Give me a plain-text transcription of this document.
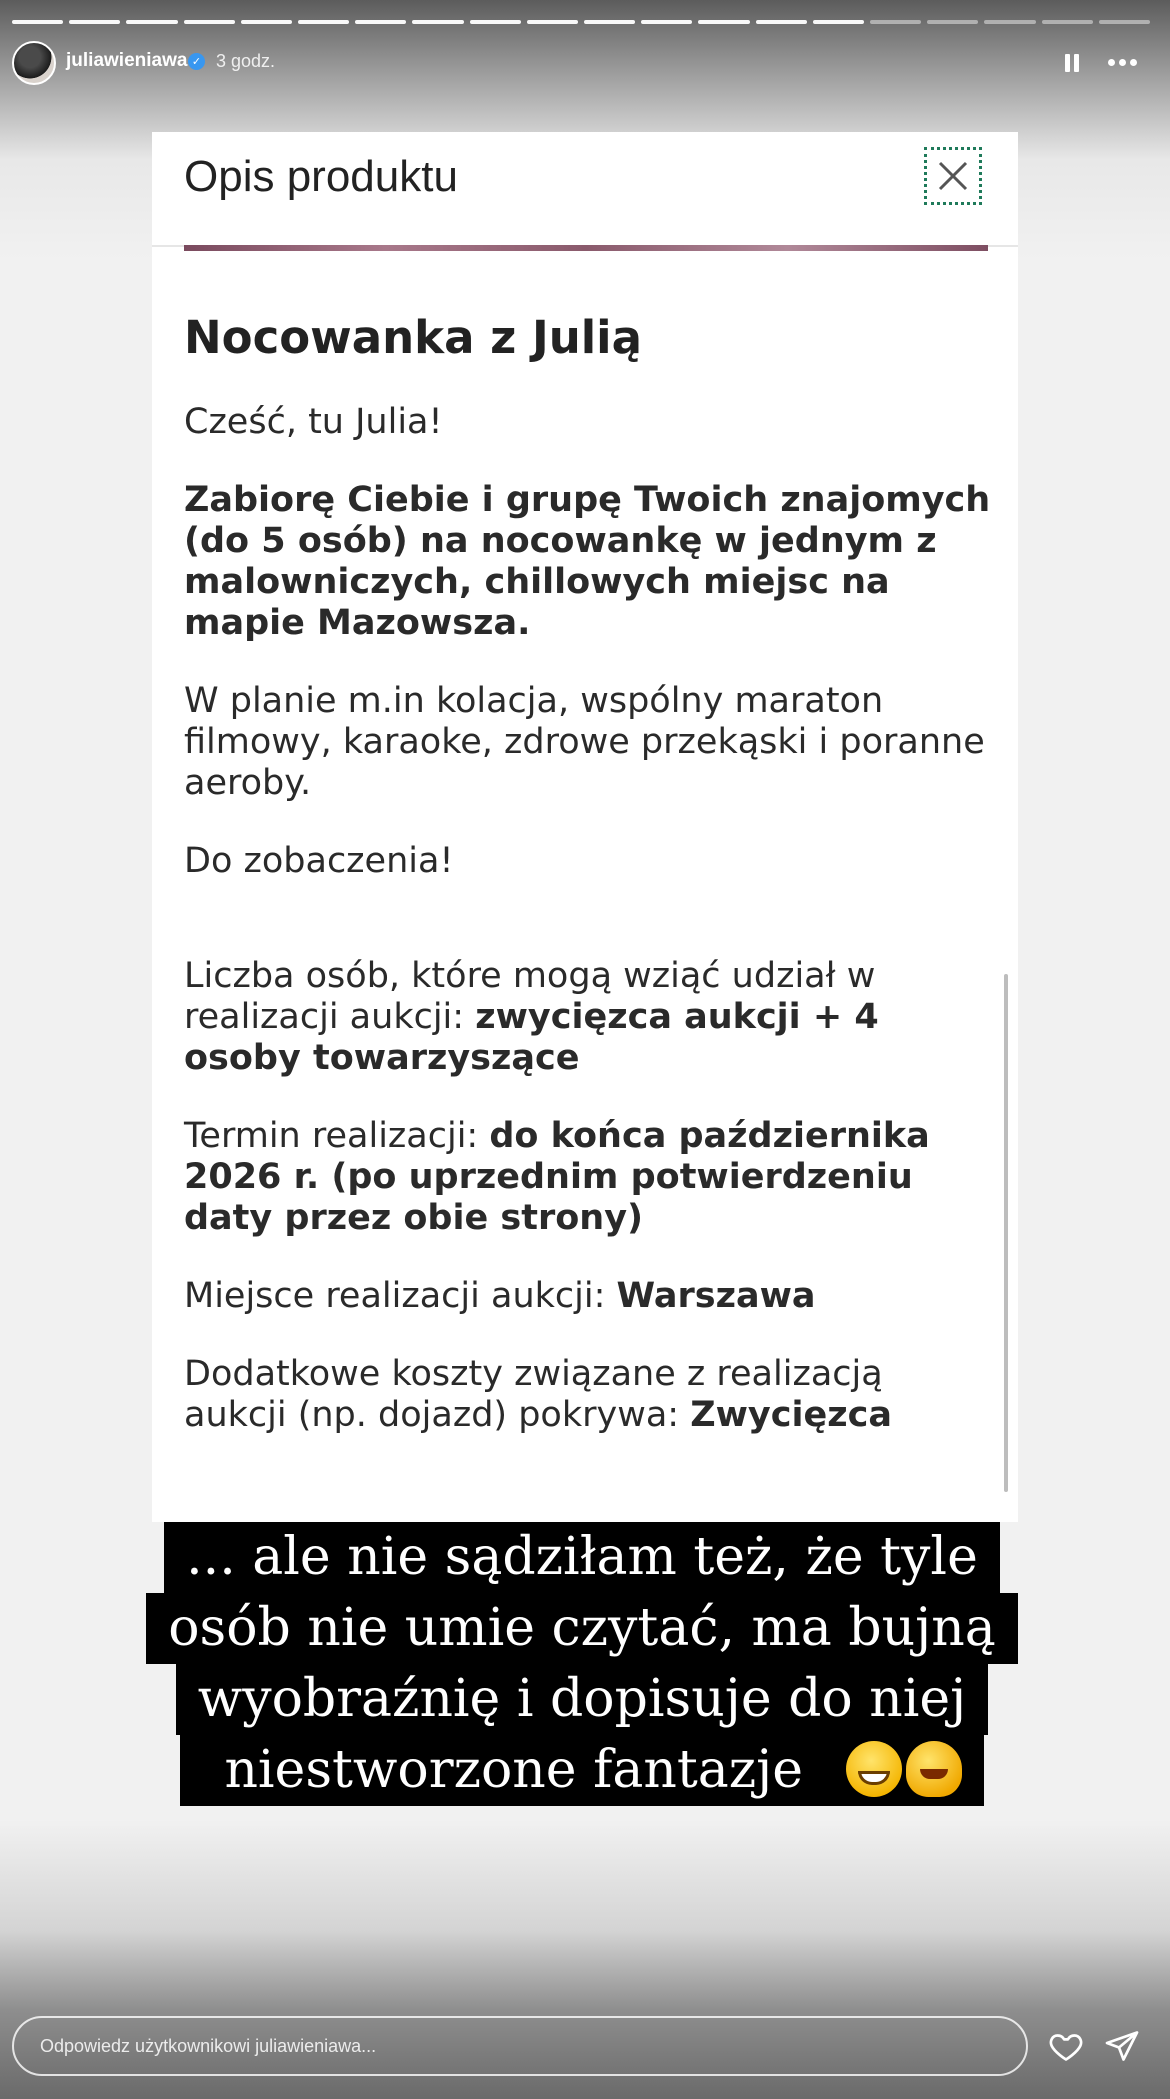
juliawieniawa ✓ 3 godz.
Opis produktu
Nocowanka z Julią

Cześć, tu Julia!

Zabiorę Ciebie i grupę Twoich znajomych (do 5 osób) na nocowankę w jednym z malowniczych, chillowych miejsc na mapie Mazowsza.

W planie m.in kolacja, wspólny maraton filmowy, karaoke, zdrowe przekąski i poranne aeroby.

Do zobaczenia!

Liczba osób, które mogą wziąć udział w realizacji aukcji: zwycięzca aukcji + 4 osoby towarzyszące

Termin realizacji: do końca października 2026 r. (po uprzednim potwierdzeniu daty przez obie strony)

Miejsce realizacji aukcji: Warszawa

Dodatkowe koszty związane z realizacją aukcji (np. dojazd) pokrywa: Zwycięzca

... ale nie sądziłam też, że tyle
osób nie umie czytać, ma bujną
wyobraźnię i dopisuje do niej
niestworzone fantazje
Odpowiedz użytkownikowi juliawieniawa...
